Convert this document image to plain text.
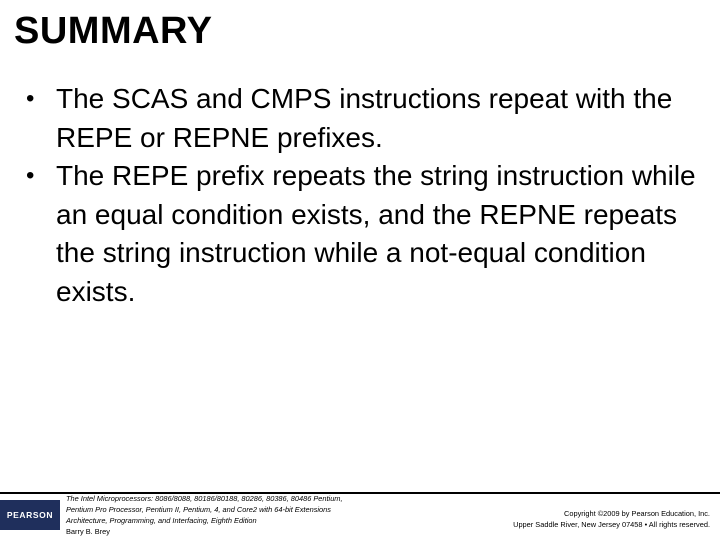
SUMMARY
• The SCAS and CMPS instructions repeat with the REPE or REPNE prefixes.
• The REPE prefix repeats the string instruction while an equal condition exists, and the REPNE repeats the string instruction while a not-equal condition exists.
PEARSON
The Intel Microprocessors: 8086/8088, 80186/80188, 80286, 80386, 80486 Pentium,
Pentium Pro Processor, Pentium II, Pentium, 4, and Core2 with 64-bit Extensions
Architecture, Programming, and Interfacing, Eighth Edition
Barry B. Brey
Copyright ©2009 by Pearson Education, Inc.
Upper Saddle River, New Jersey 07458 • All rights reserved.
